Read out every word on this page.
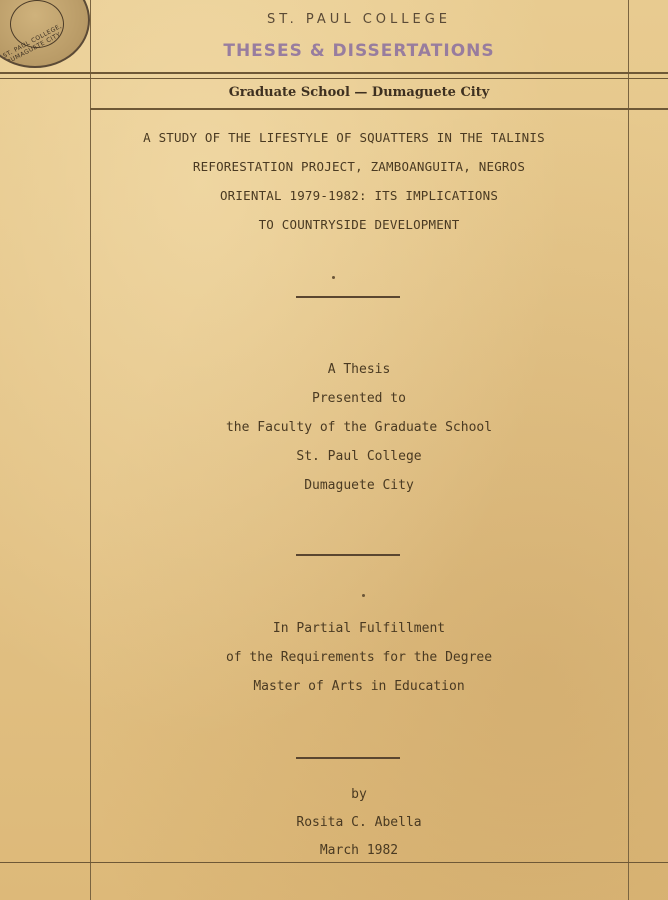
ST. PAUL COLLEGE, DUMAGUETE CITY
ST. PAUL COLLEGE
THESES & DISSERTATIONS
Graduate School — Dumaguete City
A STUDY OF THE LIFESTYLE OF SQUATTERS IN THE TALINIS
REFORESTATION PROJECT, ZAMBOANGUITA, NEGROS
ORIENTAL 1979-1982: ITS IMPLICATIONS
TO COUNTRYSIDE DEVELOPMENT
A Thesis
Presented to
the Faculty of the Graduate School
St. Paul College
Dumaguete City
In Partial Fulfillment
of the Requirements for the Degree
Master of Arts in Education
by
Rosita C. Abella
March 1982
